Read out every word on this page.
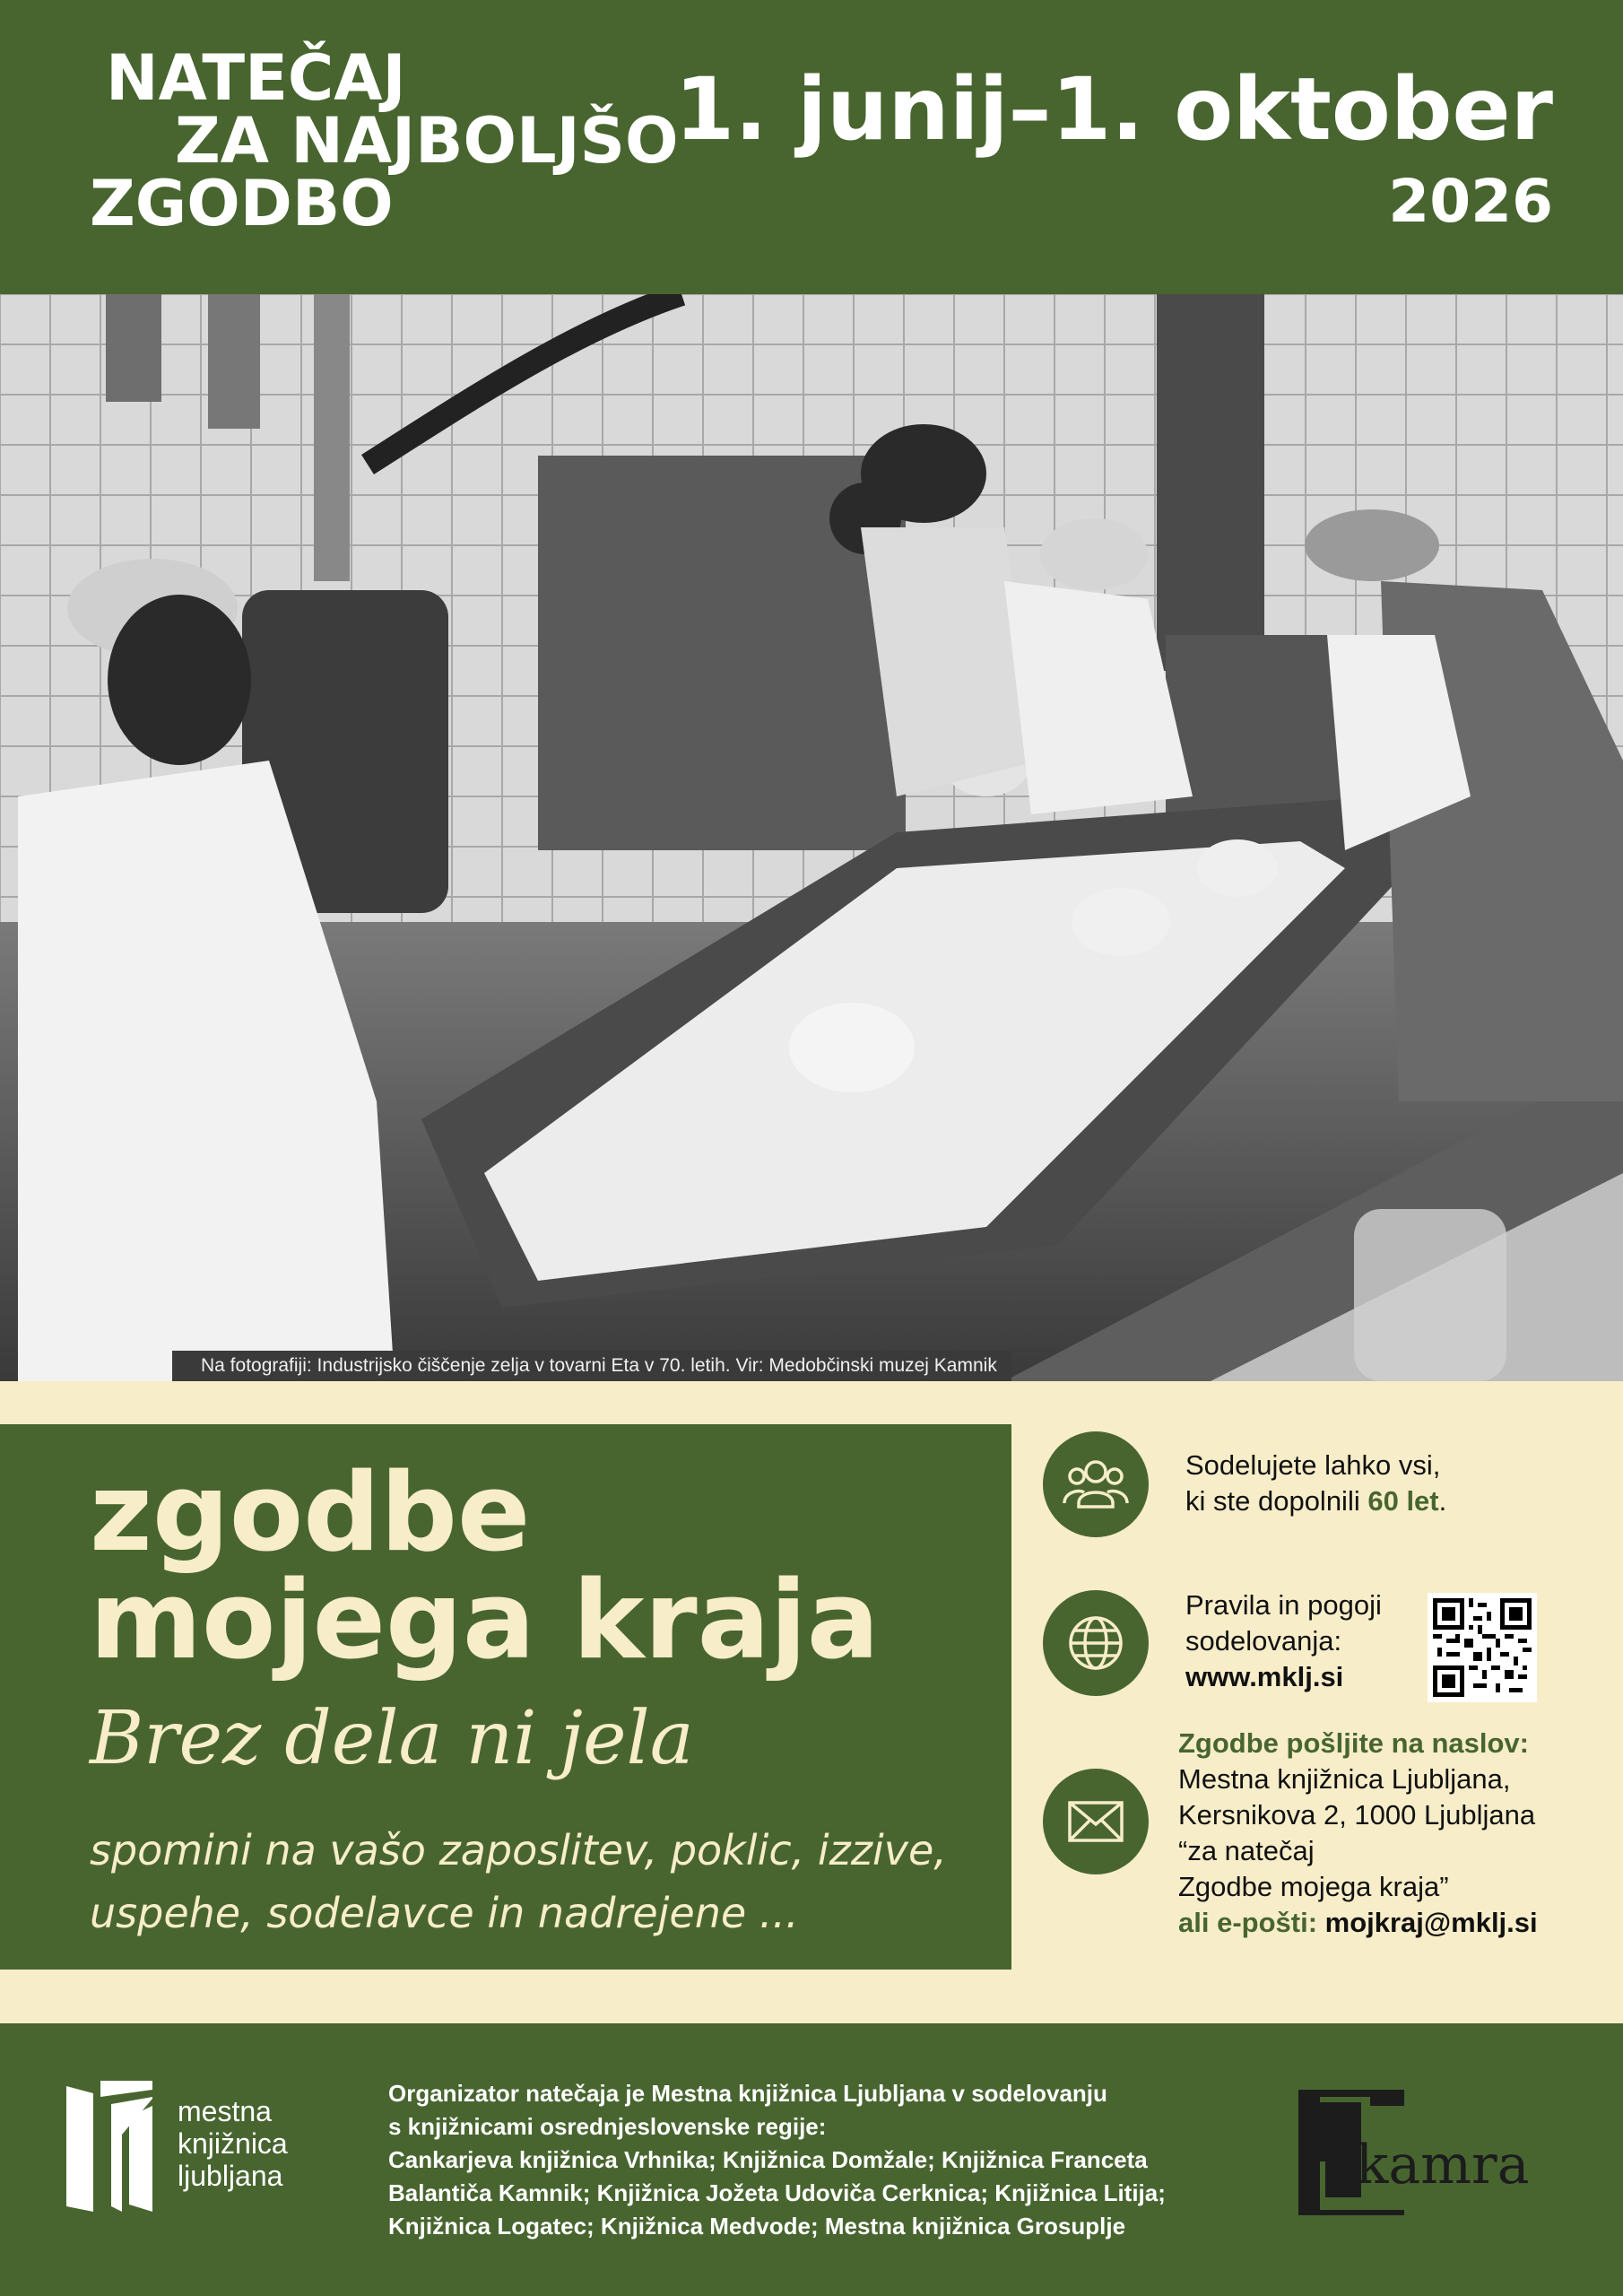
NATEČAJ
ZA NAJBOLJŠO
ZGODBO
1. junij–1. oktober
2026
Na fotografiji: Industrijsko čiščenje zelja v tovarni Eta v 70. letih. Vir: Medobčinski muzej Kamnik
zgodbe
mojega kraja
Brez dela ni jela
spomini na vašo zaposlitev, poklic, izzive,
uspehe, sodelavce in nadrejene ...
Sodelujete lahko vsi,
ki ste dopolnili 60 let.
Pravila in pogoji
sodelovanja:
www.mklj.si
Zgodbe pošljite na naslov:
Mestna knjižnica Ljubljana,
Kersnikova 2, 1000 Ljubljana
“za natečaj
Zgodbe mojega kraja”
ali e-pošti: mojkraj@mklj.si
mestna
knjižnica
ljubljana
Organizator natečaja je Mestna knjižnica Ljubljana v sodelovanju
s knjižnicami osrednjeslovenske regije:
Cankarjeva knjižnica Vrhnika; Knjižnica Domžale; Knjižnica Franceta
Balantiča Kamnik; Knjižnica Jožeta Udoviča Cerknica; Knjižnica Litija;
Knjižnica Logatec; Knjižnica Medvode; Mestna knjižnica Grosuplje
kamra
